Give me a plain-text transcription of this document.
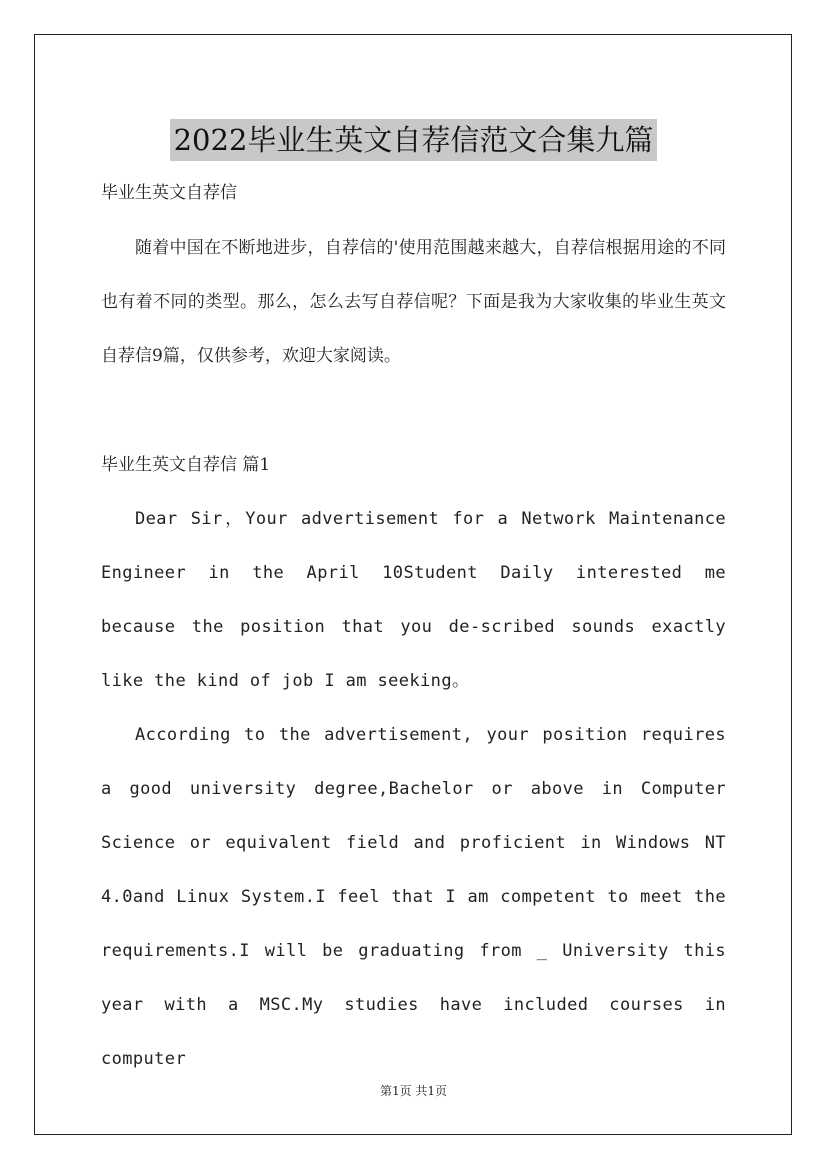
2022毕业生英文自荐信范文合集九篇
毕业生英文自荐信
随着中国在不断地进步，自荐信的'使用范围越来越大，自荐信根据用途的不同也有着不同的类型。那么，怎么去写自荐信呢？下面是我为大家收集的毕业生英文自荐信9篇，仅供参考，欢迎大家阅读。
毕业生英文自荐信 篇1
Dear Sir，Your advertisement for a Network Maintenance Engineer in the April 10Student Daily interested me because the position that you de-scribed sounds exactly like the kind of job I am seeking。
According to the advertisement, your position requires a good university degree,Bachelor or above in Computer Science or equivalent field and proficient in Windows NT 4.0and Linux System.I feel that I am competent to meet the requirements.I will be graduating from _ University this year with a MSC.My studies have included courses in computer
第1页 共1页
